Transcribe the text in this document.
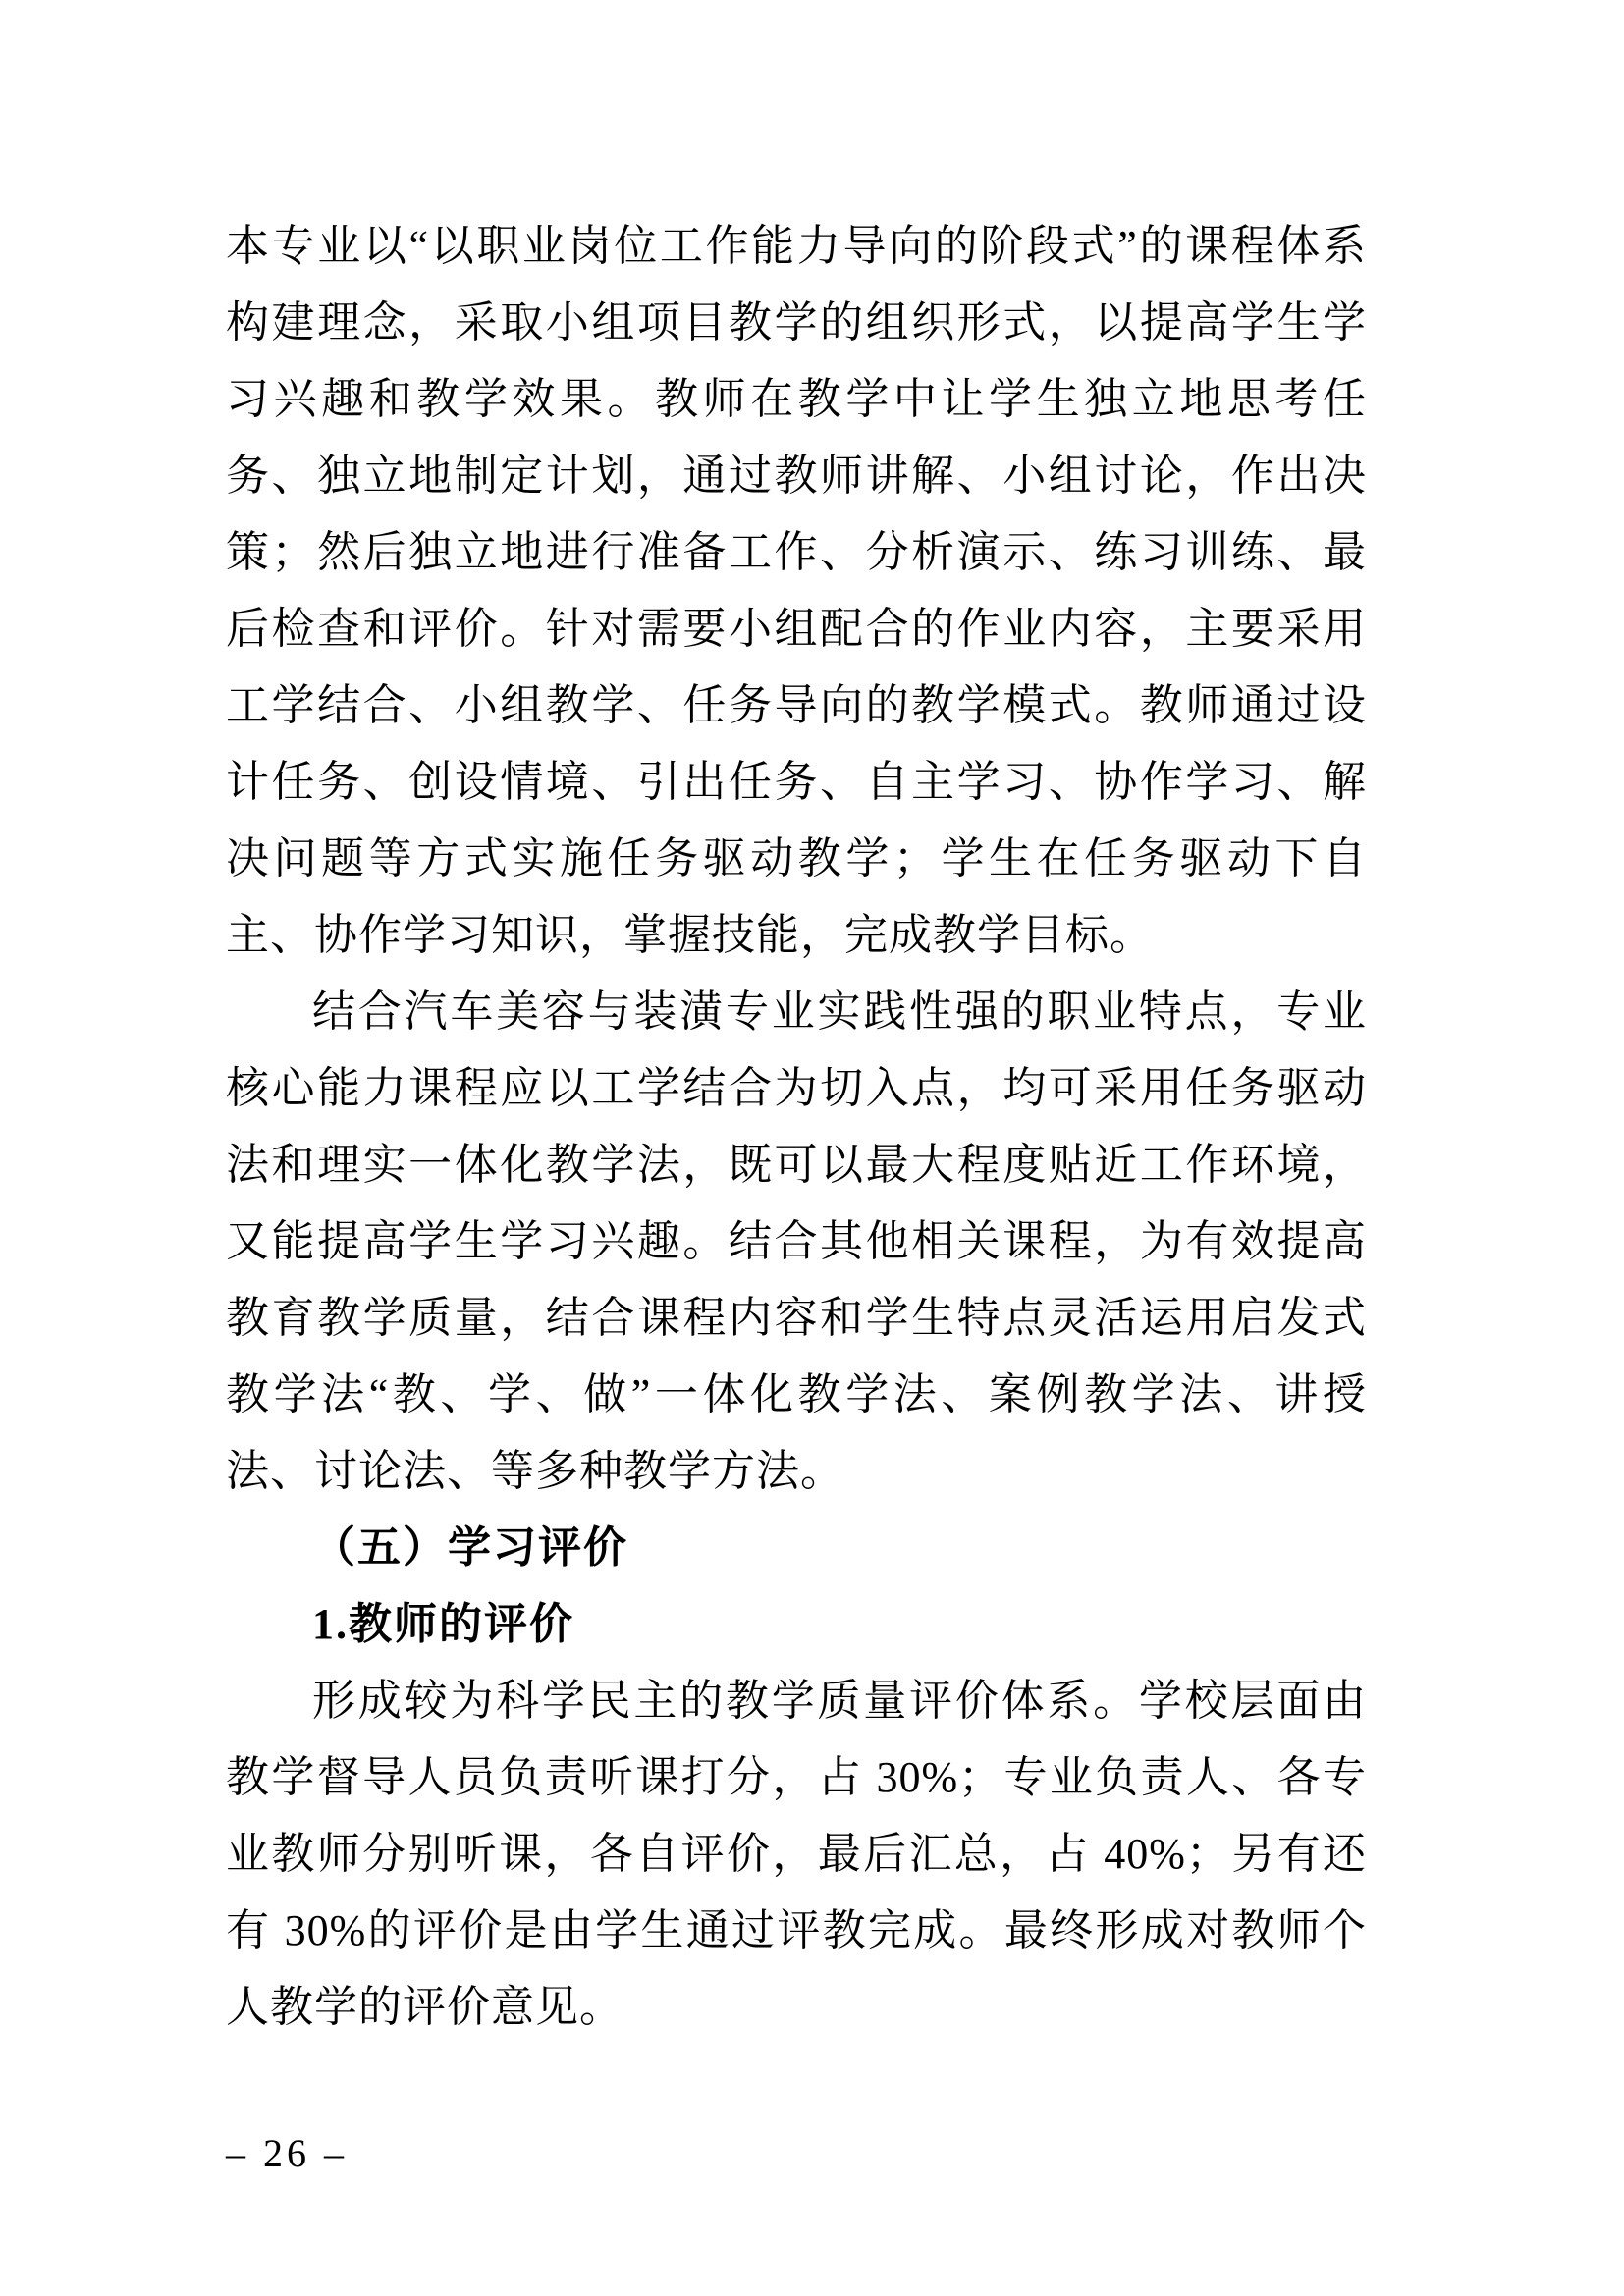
本专业以“以职业岗位工作能力导向的阶段式”的课程体系构建理念，采取小组项目教学的组织形式，以提高学生学习兴趣和教学效果。教师在教学中让学生独立地思考任务、独立地制定计划，通过教师讲解、小组讨论，作出决策；然后独立地进行准备工作、分析演示、练习训练、最后检查和评价。针对需要小组配合的作业内容，主要采用工学结合、小组教学、任务导向的教学模式。教师通过设计任务、创设情境、引出任务、自主学习、协作学习、解决问题等方式实施任务驱动教学；学生在任务驱动下自主、协作学习知识，掌握技能，完成教学目标。

结合汽车美容与装潢专业实践性强的职业特点，专业核心能力课程应以工学结合为切入点，均可采用任务驱动法和理实一体化教学法，既可以最大程度贴近工作环境，又能提高学生学习兴趣。结合其他相关课程，为有效提高教育教学质量，结合课程内容和学生特点灵活运用启发式教学法“教、学、做”一体化教学法、案例教学法、讲授法、讨论法、等多种教学方法。

（五）学习评价

1.教师的评价

形成较为科学民主的教学质量评价体系。学校层面由教学督导人员负责听课打分，占 30%；专业负责人、各专业教师分别听课，各自评价，最后汇总，占 40%；另有还有 30%的评价是由学生通过评教完成。最终形成对教师个人教学的评价意见。

– 26 –
